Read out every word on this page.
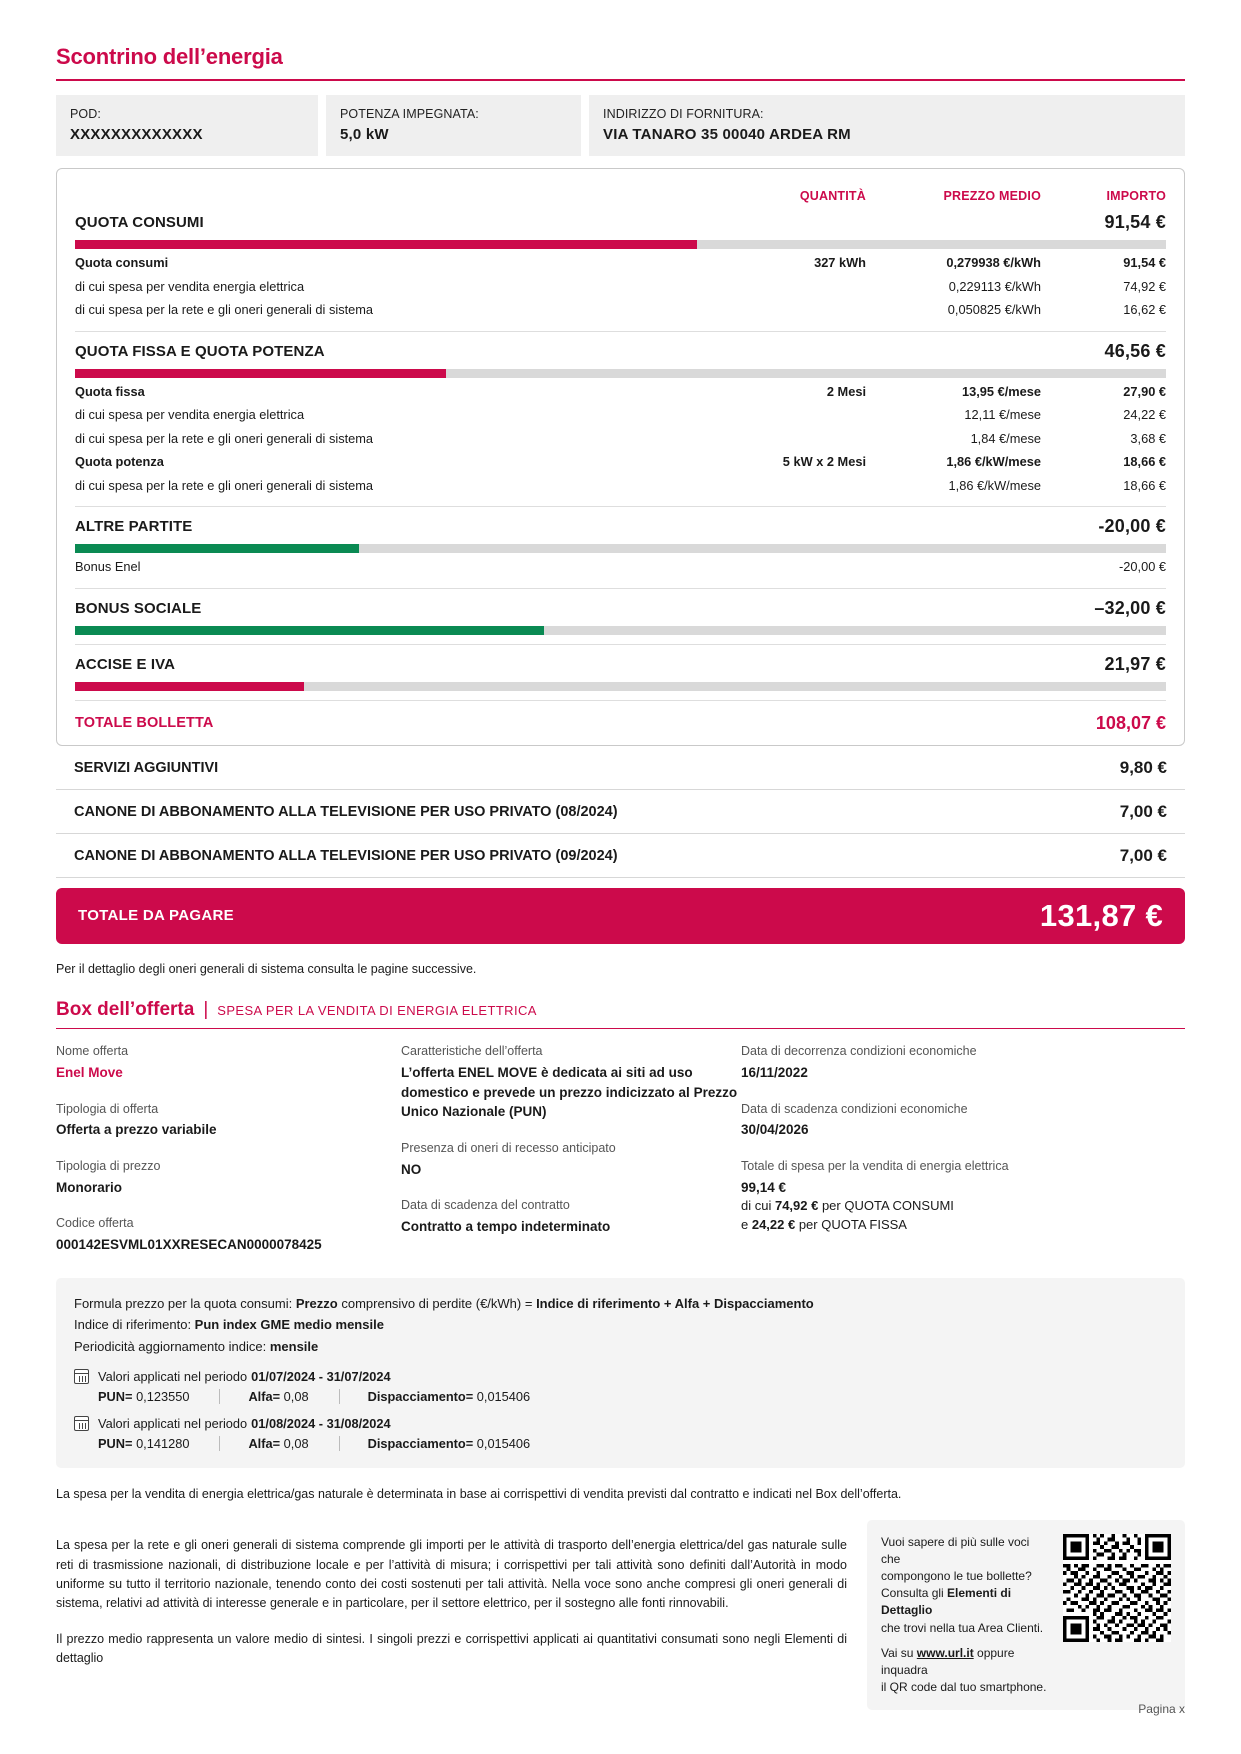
Scontrino dell’energia
POD:
XXXXXXXXXXXXX
POTENZA IMPEGNATA:
5,0 kW
INDIRIZZO DI FORNITURA:
VIA TANARO 35 00040 ARDEA RM
QUANTITÀ	PREZZO MEDIO	IMPORTO
QUOTA CONSUMI	91,54 €
Quota consumi	327 kWh	0,279938 €/kWh	91,54 €
di cui spesa per vendita energia elettrica	0,229113 €/kWh	74,92 €
di cui spesa per la rete e gli oneri generali di sistema	0,050825 €/kWh	16,62 €
QUOTA FISSA E QUOTA POTENZA	46,56 €
Quota fissa	2 Mesi	13,95 €/mese	27,90 €
di cui spesa per vendita energia elettrica	12,11 €/mese	24,22 €
di cui spesa per la rete e gli oneri generali di sistema	1,84 €/mese	3,68 €
Quota potenza	5 kW x 2 Mesi	1,86 €/kW/mese	18,66 €
di cui spesa per la rete e gli oneri generali di sistema	1,86 €/kW/mese	18,66 €
ALTRE PARTITE	-20,00 €
Bonus Enel	-20,00 €
BONUS SOCIALE	–32,00 €
ACCISE E IVA	21,97 €
TOTALE BOLLETTA	108,07 €
SERVIZI AGGIUNTIVI	9,80 €
CANONE DI ABBONAMENTO ALLA TELEVISIONE PER USO PRIVATO (08/2024)	7,00 €
CANONE DI ABBONAMENTO ALLA TELEVISIONE PER USO PRIVATO (09/2024)	7,00 €
TOTALE DA PAGARE	131,87 €
Per il dettaglio degli oneri generali di sistema consulta le pagine successive.
Box dell’offerta | SPESA PER LA VENDITA DI ENERGIA ELETTRICA
Nome offerta
Enel Move
Tipologia di offerta
Offerta a prezzo variabile
Tipologia di prezzo
Monorario
Codice offerta
000142ESVML01XXRESECAN0000078425
Caratteristiche dell’offerta
L’offerta ENEL MOVE è dedicata ai siti ad uso domestico e prevede un prezzo indicizzato al Prezzo Unico Nazionale (PUN)
Presenza di oneri di recesso anticipato
NO
Data di scadenza del contratto
Contratto a tempo indeterminato
Data di decorrenza condizioni economiche
16/11/2022
Data di scadenza condizioni economiche
30/04/2026
Totale di spesa per la vendita di energia elettrica
99,14 €
di cui 74,92 € per QUOTA CONSUMI
e 24,22 € per QUOTA FISSA
Formula prezzo per la quota consumi: Prezzo comprensivo di perdite (€/kWh) = Indice di riferimento + Alfa + Dispacciamento
Indice di riferimento: Pun index GME medio mensile
Periodicità aggiornamento indice: mensile
Valori applicati nel periodo 01/07/2024 - 31/07/2024
PUN= 0,123550	Alfa= 0,08	Dispacciamento= 0,015406
Valori applicati nel periodo 01/08/2024 - 31/08/2024
PUN= 0,141280	Alfa= 0,08	Dispacciamento= 0,015406
La spesa per la vendita di energia elettrica/gas naturale è determinata in base ai corrispettivi di vendita previsti dal contratto e indicati nel Box dell’offerta.
La spesa per la rete e gli oneri generali di sistema comprende gli importi per le attività di trasporto dell’energia elettrica/del gas naturale sulle reti di trasmissione nazionali, di distribuzione locale e per l’attività di misura; i corrispettivi per tali attività sono definiti dall’Autorità in modo uniforme su tutto il territorio nazionale, tenendo conto dei costi sostenuti per tali attività. Nella voce sono anche compresi gli oneri generali di sistema, relativi ad attività di interesse generale e in particolare, per il settore elettrico, per il sostegno alle fonti rinnovabili.
Il prezzo medio rappresenta un valore medio di sintesi. I singoli prezzi e corrispettivi applicati ai quantitativi consumati sono negli Elementi di dettaglio
Vuoi sapere di più sulle voci che
compongono le tue bollette?
Consulta gli Elementi di Dettaglio
che trovi nella tua Area Clienti.
Vai su www.url.it oppure inquadra
il QR code dal tuo smartphone.
Pagina x
